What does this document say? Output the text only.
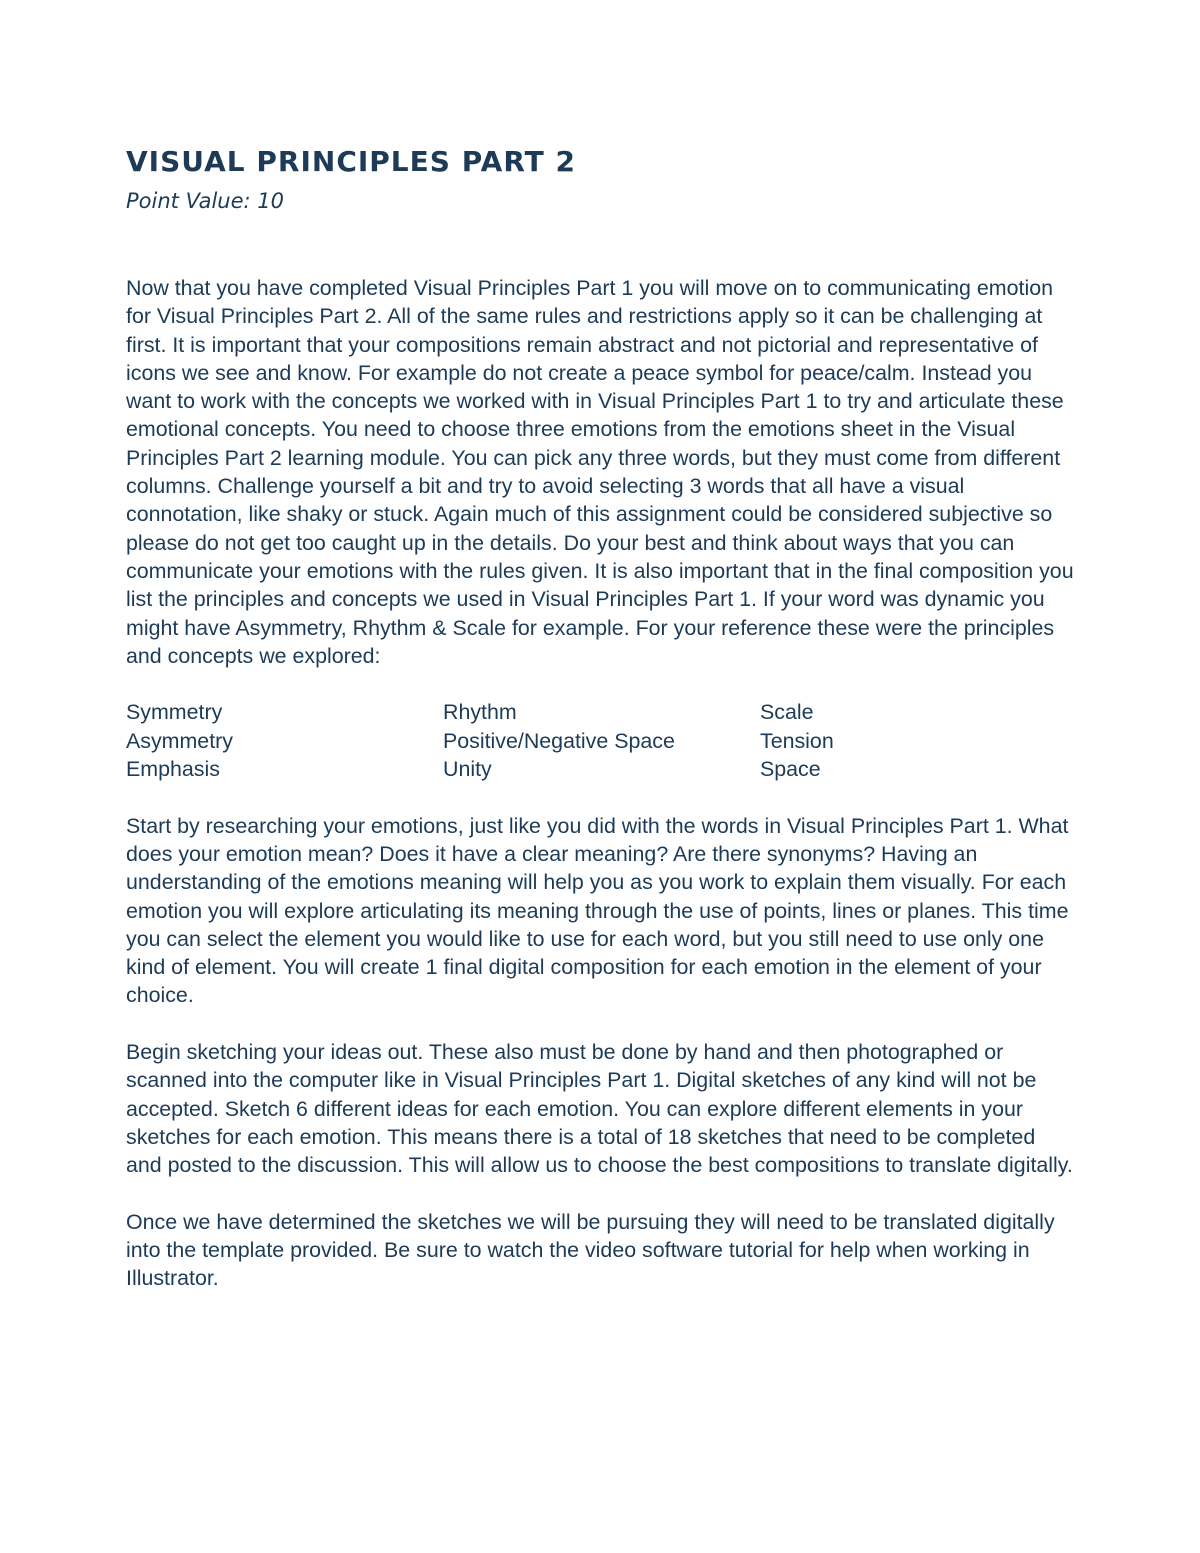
VISUAL PRINCIPLES PART 2
Point Value: 10

Now that you have completed Visual Principles Part 1 you will move on to communicating emotion for Visual Principles Part 2. All of the same rules and restrictions apply so it can be challenging at first. It is important that your compositions remain abstract and not pictorial and representative of icons we see and know. For example do not create a peace symbol for peace/calm. Instead you want to work with the concepts we worked with in Visual Principles Part 1 to try and articulate these emotional concepts. You need to choose three emotions from the emotions sheet in the Visual Principles Part 2 learning module. You can pick any three words, but they must come from different columns. Challenge yourself a bit and try to avoid selecting 3 words that all have a visual connotation, like shaky or stuck. Again much of this assignment could be considered subjective so please do not get too caught up in the details. Do your best and think about ways that you can communicate your emotions with the rules given. It is also important that in the final composition you list the principles and concepts we used in Visual Principles Part 1. If your word was dynamic you might have Asymmetry, Rhythm & Scale for example. For your reference these were the principles and concepts we explored:

Symmetry	Rhythm	Scale
Asymmetry	Positive/Negative Space	Tension
Emphasis	Unity	Space

Start by researching your emotions, just like you did with the words in Visual Principles Part 1. What does your emotion mean? Does it have a clear meaning? Are there synonyms? Having an understanding of the emotions meaning will help you as you work to explain them visually. For each emotion you will explore articulating its meaning through the use of points, lines or planes. This time you can select the element you would like to use for each word, but you still need to use only one kind of element. You will create 1 final digital composition for each emotion in the element of your choice.

Begin sketching your ideas out. These also must be done by hand and then photographed or scanned into the computer like in Visual Principles Part 1. Digital sketches of any kind will not be accepted. Sketch 6 different ideas for each emotion. You can explore different elements in your sketches for each emotion. This means there is a total of 18 sketches that need to be completed and posted to the discussion. This will allow us to choose the best compositions to translate digitally.

Once we have determined the sketches we will be pursuing they will need to be translated digitally into the template provided. Be sure to watch the video software tutorial for help when working in Illustrator.
